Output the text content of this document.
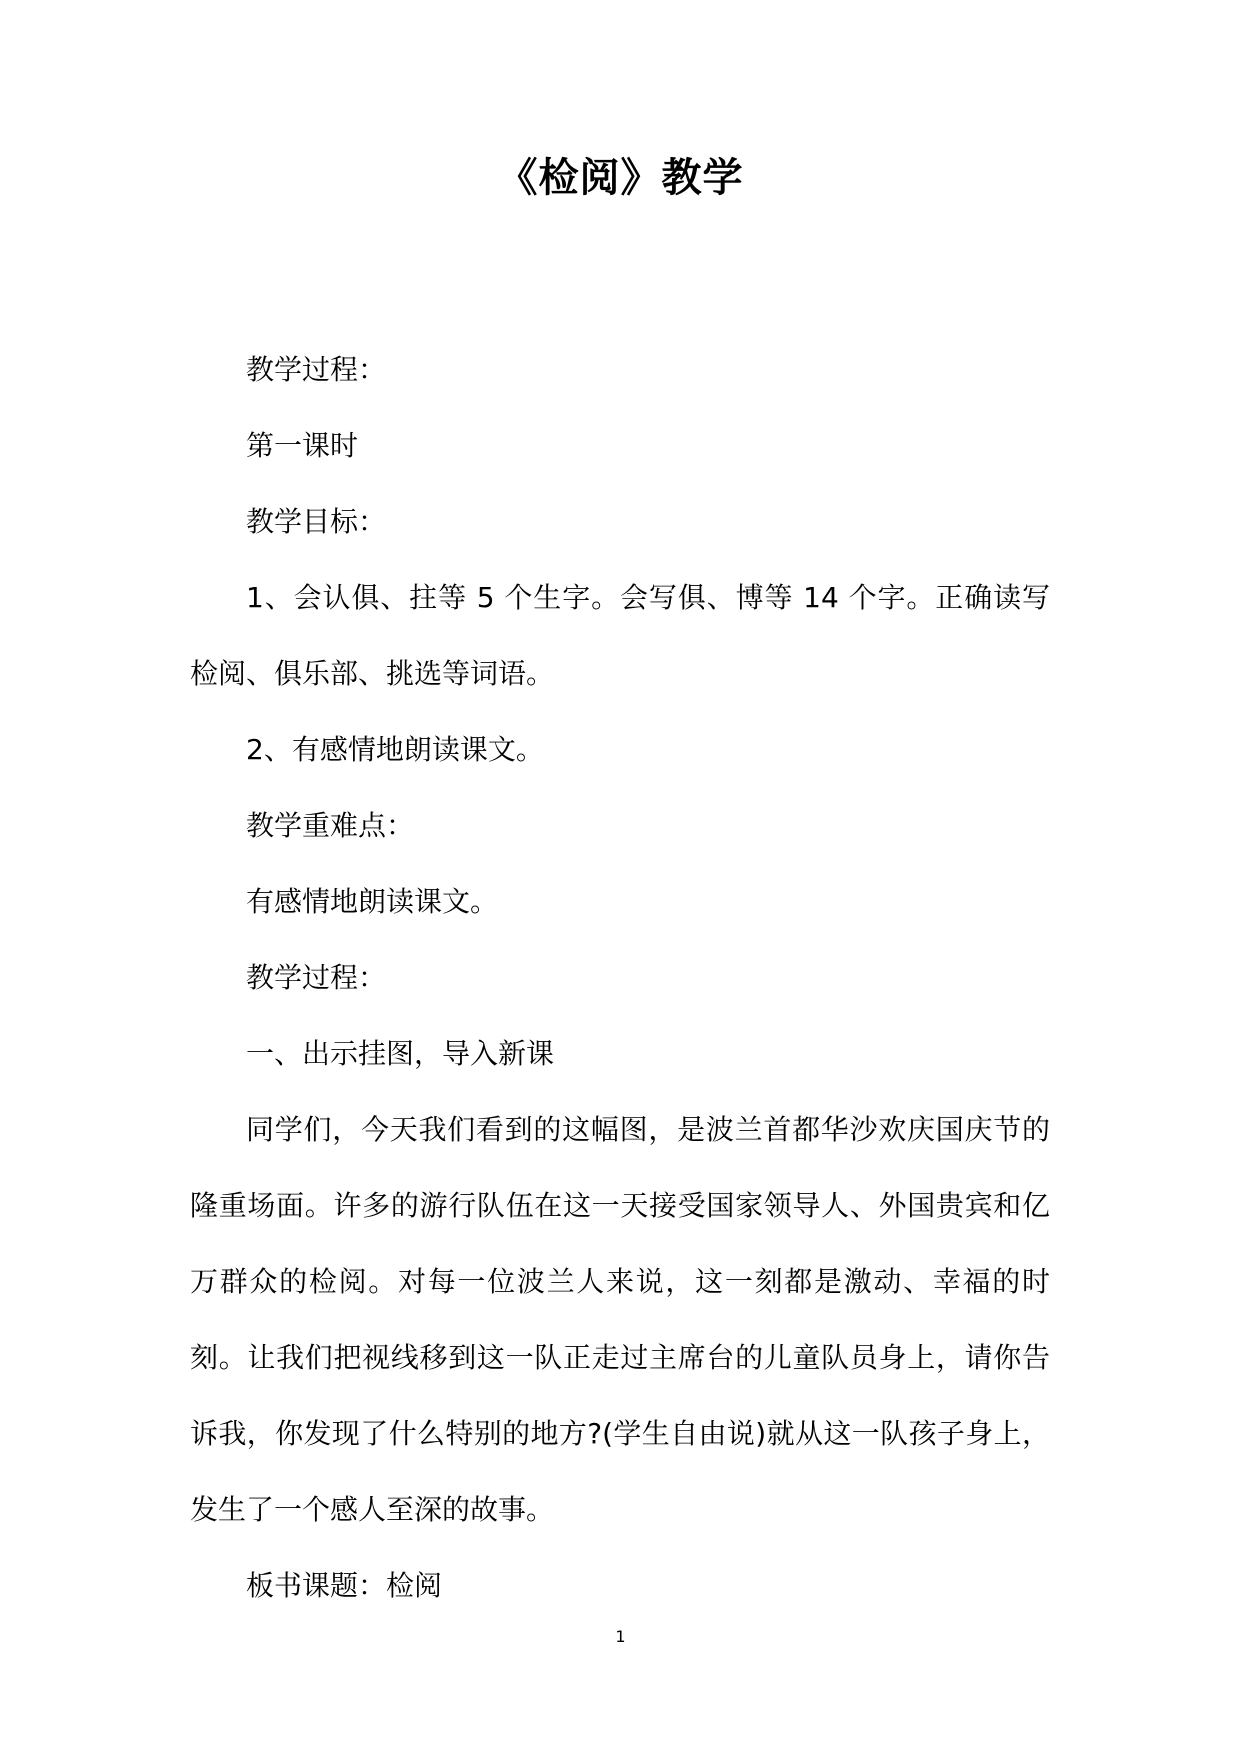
《检阅》教学

教学过程：

第一课时

教学目标：

1、会认俱、拄等 5 个生字。会写俱、博等 14 个字。正确读写检阅、俱乐部、挑选等词语。

2、有感情地朗读课文。

教学重难点：

有感情地朗读课文。

教学过程：

一、出示挂图，导入新课

同学们，今天我们看到的这幅图，是波兰首都华沙欢庆国庆节的隆重场面。许多的游行队伍在这一天接受国家领导人、外国贵宾和亿万群众的检阅。对每一位波兰人来说，这一刻都是激动、幸福的时刻。让我们把视线移到这一队正走过主席台的儿童队员身上，请你告诉我，你发现了什么特别的地方?(学生自由说)就从这一队孩子身上，发生了一个感人至深的故事。

板书课题：检阅

1
